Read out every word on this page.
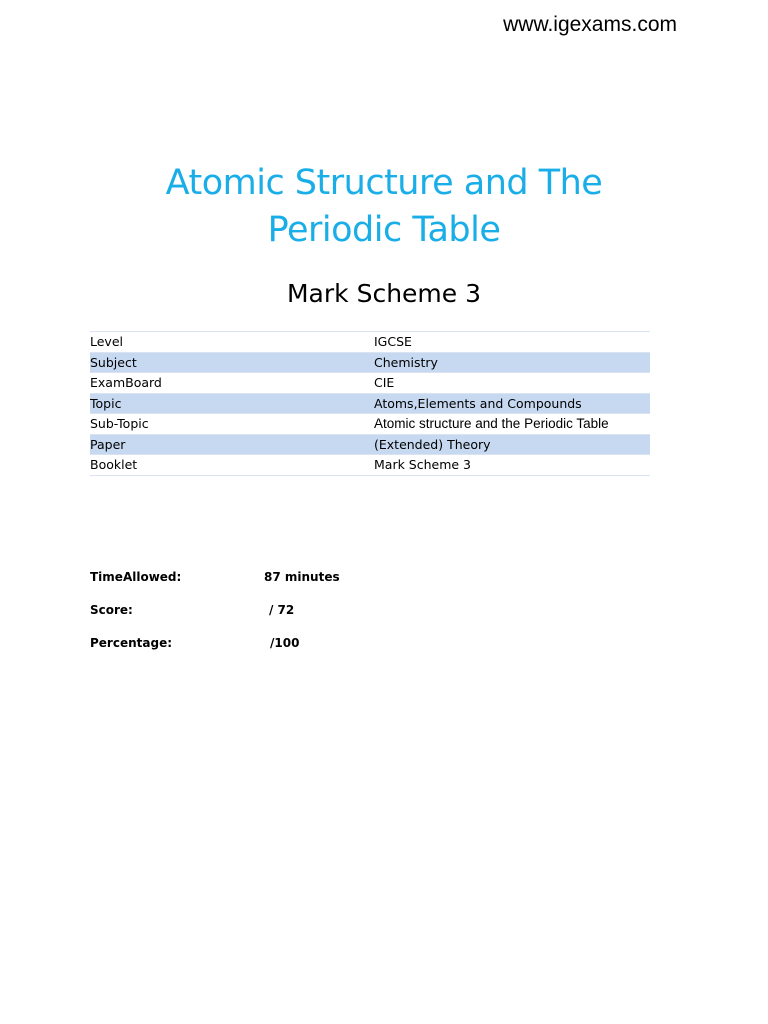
www.igexams.com
Atomic Structure and The
Periodic Table
Mark Scheme 3
Level	IGCSE
Subject	Chemistry
ExamBoard	CIE
Topic	Atoms,Elements and Compounds
Sub-Topic	Atomic structure and the Periodic Table
Paper	(Extended) Theory
Booklet	Mark Scheme 3
TimeAllowed:	87 minutes
Score:	/ 72
Percentage:	/100
